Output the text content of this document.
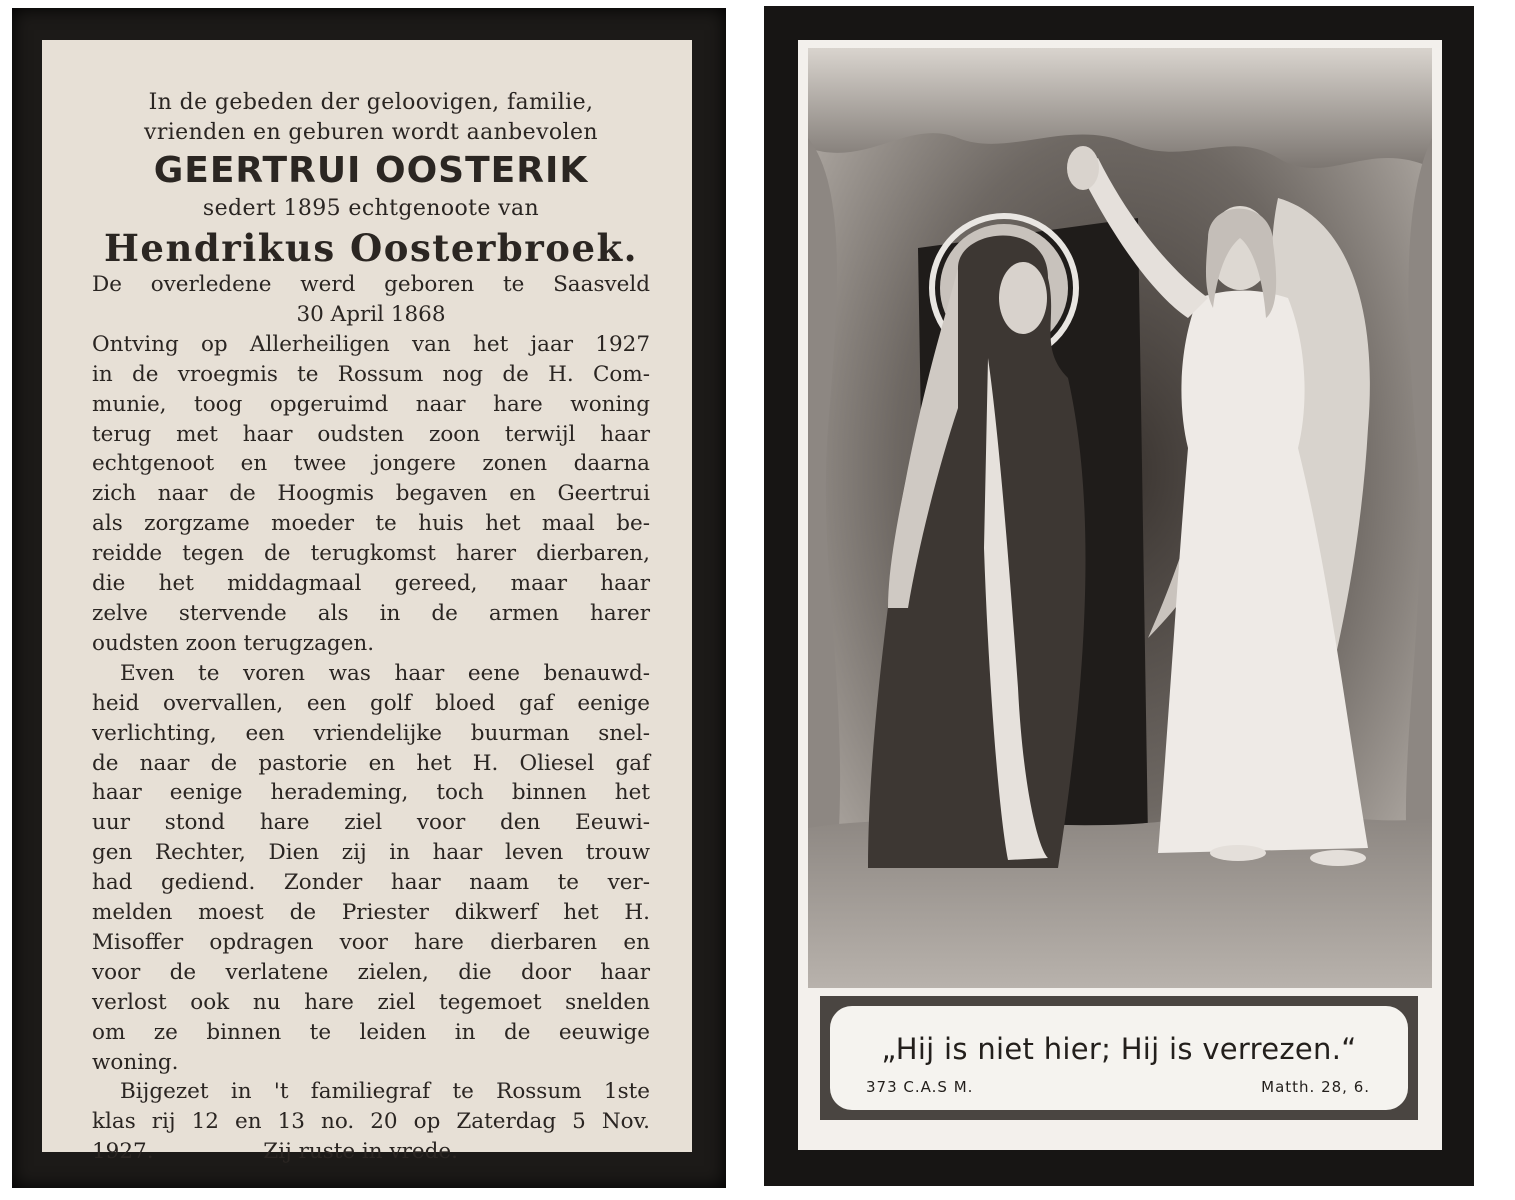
In de gebeden der geloovigen, familie,
vrienden en geburen wordt aanbevolen
GEERTRUI OOSTERIK
sedert 1895 echtgenoote van
Hendrikus Oosterbroek.
De overledene werd geboren te Saasveld
30 April 1868
Ontving op Allerheiligen van het jaar 1927
in de vroegmis te Rossum nog de H. Com-
munie, toog opgeruimd naar hare woning
terug met haar oudsten zoon terwijl haar
echtgenoot en twee jongere zonen daarna
zich naar de Hoogmis begaven en Geertrui
als zorgzame moeder te huis het maal be-
reidde tegen de terugkomst harer dierbaren,
die het middagmaal gereed, maar haar
zelve stervende als in de armen harer
oudsten zoon terugzagen.
Even te voren was haar eene benauwd-
heid overvallen, een golf bloed gaf eenige
verlichting, een vriendelijke buurman snel-
de naar de pastorie en het H. Oliesel gaf
haar eenige herademing, toch binnen het
uur stond hare ziel voor den Eeuwi-
gen Rechter, Dien zij in haar leven trouw
had gediend. Zonder haar naam te ver-
melden moest de Priester dikwerf het H.
Misoffer opdragen voor hare dierbaren en
voor de verlatene zielen, die door haar
verlost ook nu hare ziel tegemoet snelden
om ze binnen te leiden in de eeuwige
woning.
Bijgezet in 't familiegraf te Rossum 1ste
klas rij 12 en 13 no. 20 op Zaterdag 5 Nov.
1927.	Zij ruste in vrede.
„Hij is niet hier; Hij is verrezen.“
373 C.A.S M.	Matth. 28, 6.
